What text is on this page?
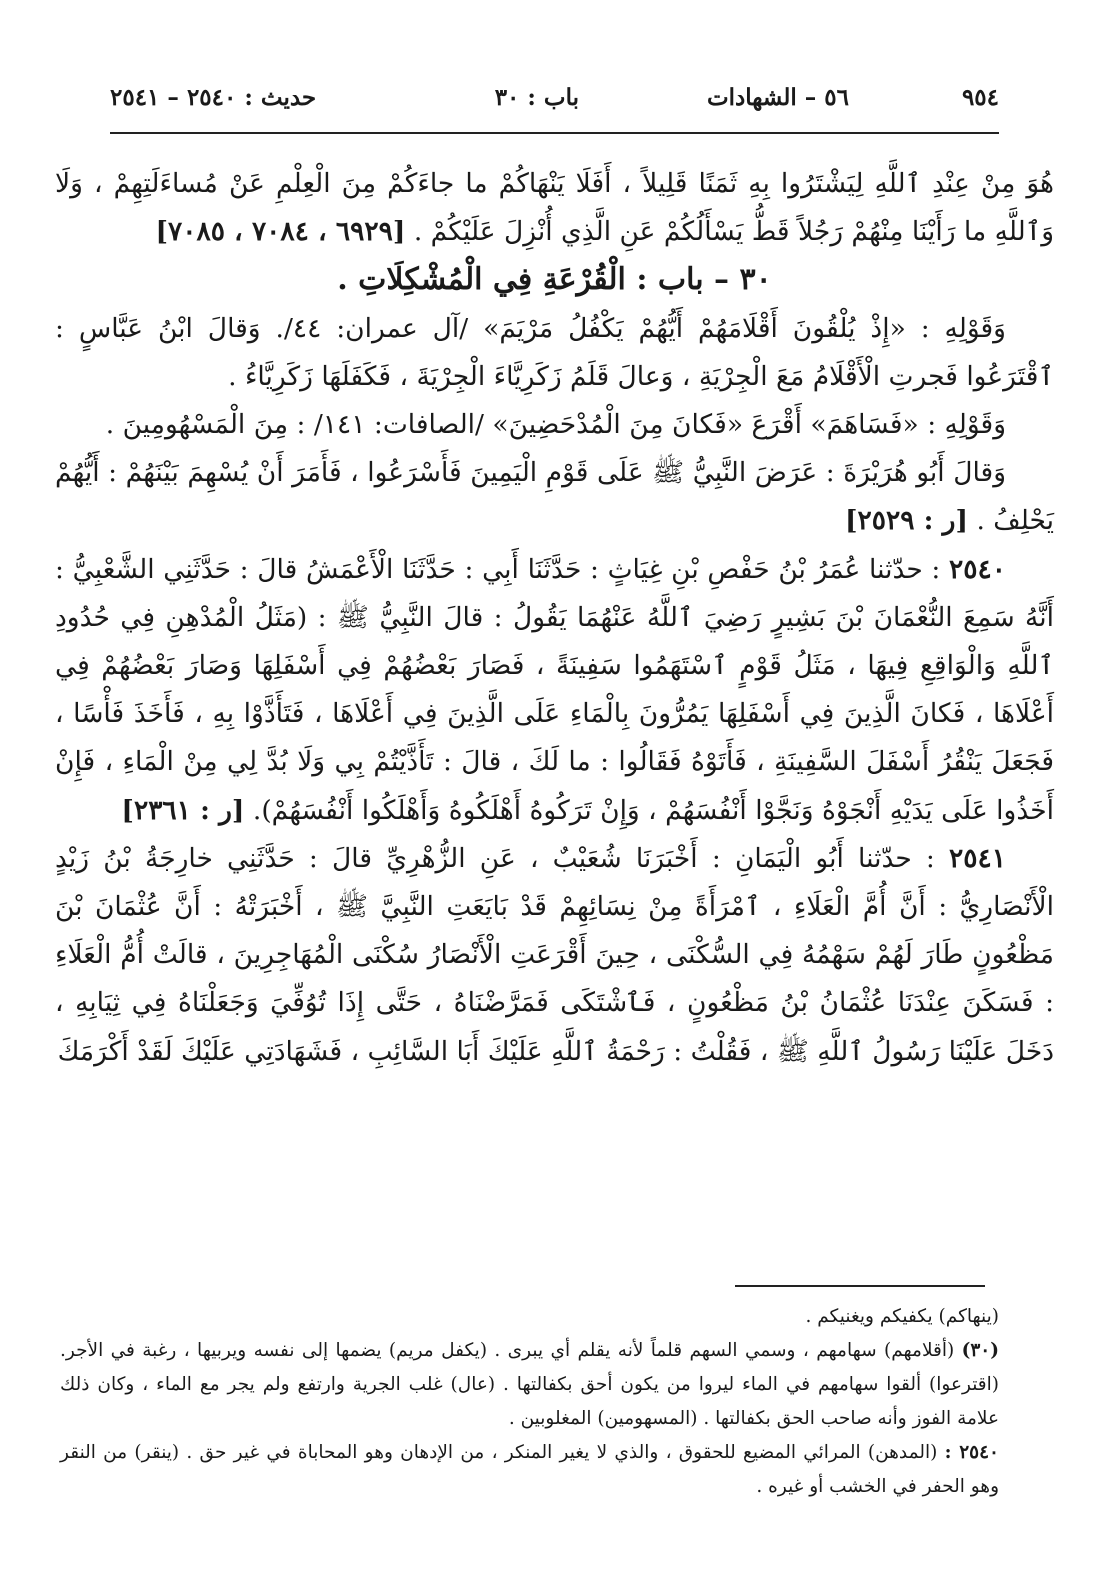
٩٥٤
٥٦ – الشهادات
باب : ٣٠
حديث : ٢٥٤٠ – ٢٥٤١

هُوَ مِنْ عِنْدِ ٱللَّهِ لِيَشْتَرُوا بِهِ ثَمَنًا قَلِيلاً ، أَفَلَا يَنْهَاكُمْ ما جاءَكُمْ مِنَ الْعِلْمِ عَنْ مُساءَلَتِهِمْ ، وَلَا وَٱللَّهِ ما رَأَيْنَا مِنْهُمْ رَجُلاً قَطُّ يَسْأَلُكُمْ عَنِ الَّذِي أُنْزِلَ عَلَيْكُمْ . [٦٩٢٩ ، ٧٠٨٤ ، ٧٠٨٥]

٣٠ – باب : الْقُرْعَةِ فِي الْمُشْكِلَاتِ .

وَقَوْلِهِ : «إِذْ يُلْقُونَ أَقْلَامَهُمْ أَيُّهُمْ يَكْفُلُ مَرْيَمَ» /آل عمران: ٤٤/. وَقالَ ابْنُ عَبَّاسٍ : ٱقْتَرَعُوا فَجرتِ الْأَقْلَامُ مَعَ الْجِرْيَةِ ، وَعالَ قَلَمُ زَكَرِيَّاءَ الْجِرْيَةَ ، فَكَفَلَهَا زَكَرِيَّاءُ .

وَقَوْلِهِ : «فَسَاهَمَ» أَقْرَعَ «فَكانَ مِنَ الْمُدْحَضِينَ» /الصافات: ١٤١/ : مِنَ الْمَسْهُومِينَ .

وَقالَ أَبُو هُرَيْرَةَ : عَرَضَ النَّبِيُّ ﷺ عَلَى قَوْمِ الْيَمِينَ فَأَسْرَعُوا ، فَأَمَرَ أَنْ يُسْهِمَ بَيْنَهُمْ : أَيُّهُمْ يَحْلِفُ . [ر : ٢٥٢٩]

٢٥٤٠ : حدّثنا عُمَرُ بْنُ حَفْصِ بْنِ غِيَاثٍ : حَدَّثَنَا أَبِي : حَدَّثَنَا الْأَعْمَشُ قالَ : حَدَّثَنِي الشَّعْبِيُّ : أَنَّهُ سَمِعَ النُّعْمَانَ بْنَ بَشِيرٍ رَضِيَ ٱللَّهُ عَنْهُمَا يَقُولُ : قالَ النَّبِيُّ ﷺ : (مَثَلُ الْمُدْهِنِ فِي حُدُودِ ٱللَّهِ وَالْوَاقِعِ فِيهَا ، مَثَلُ قَوْمٍ ٱسْتَهَمُوا سَفِينَةً ، فَصَارَ بَعْضُهُمْ فِي أَسْفَلِهَا وَصَارَ بَعْضُهُمْ فِي أَعْلَاهَا ، فَكانَ الَّذِينَ فِي أَسْفَلِهَا يَمُرُّونَ بِالْمَاءِ عَلَى الَّذِينَ فِي أَعْلَاهَا ، فَتَأَذَّوْا بِهِ ، فَأَخَذَ فَأْسًا ، فَجَعَلَ يَنْقُرُ أَسْفَلَ السَّفِينَةِ ، فَأَتَوْهُ فَقَالُوا : ما لَكَ ، قالَ : تَأَذَّيْتُمْ بِي وَلَا بُدَّ لِي مِنْ الْمَاءِ ، فَإِنْ أَخَذُوا عَلَى يَدَيْهِ أَنْجَوْهُ وَنَجَّوْا أَنْفُسَهُمْ ، وَإِنْ تَرَكُوهُ أَهْلَكُوهُ وَأَهْلَكُوا أَنْفُسَهُمْ). [ر : ٢٣٦١]

٢٥٤١ : حدّثنا أَبُو الْيَمَانِ : أَخْبَرَنَا شُعَيْبٌ ، عَنِ الزُّهْرِيِّ قالَ : حَدَّثَنِي خارِجَةُ بْنُ زَيْدٍ الْأَنْصَارِيُّ : أَنَّ أُمَّ الْعَلَاءِ ، ٱمْرَأَةً مِنْ نِسَائِهِمْ قَدْ بَايَعَتِ النَّبِيَّ ﷺ ، أَخْبَرَتْهُ : أَنَّ عُثْمَانَ بْنَ مَظْعُونٍ طَارَ لَهُمْ سَهْمُهُ فِي السُّكْنَى ، حِينَ أَقْرَعَتِ الْأَنْصَارُ سُكْنَى الْمُهَاجِرِينَ ، قالَتْ أُمُّ الْعَلَاءِ : فَسَكَنَ عِنْدَنَا عُثْمَانُ بْنُ مَظْعُونٍ ، فَٱشْتَكَى فَمَرَّضْنَاهُ ، حَتَّى إِذَا تُوُفِّيَ وَجَعَلْنَاهُ فِي ثِيَابِهِ ، دَخَلَ عَلَيْنَا رَسُولُ ٱللَّهِ ﷺ ، فَقُلْتُ : رَحْمَةُ ٱللَّهِ عَلَيْكَ أَبَا السَّائِبِ ، فَشَهَادَتِي عَلَيْكَ لَقَدْ أَكْرَمَكَ

(ينهاكم) يكفيكم ويغنيكم .

(٣٠) (أقلامهم) سهامهم ، وسمي السهم قلماً لأنه يقلم أي يبرى . (يكفل مريم) يضمها إلى نفسه ويربيها ، رغبة في الأجر. (اقترعوا) ألقوا سهامهم في الماء ليروا من يكون أحق بكفالتها . (عال) غلب الجرية وارتفع ولم يجر مع الماء ، وكان ذلك علامة الفوز وأنه صاحب الحق بكفالتها . (المسهومين) المغلوبين .

٢٥٤٠ : (المدهن) المرائي المضيع للحقوق ، والذي لا يغير المنكر ، من الإدهان وهو المحاباة في غير حق . (ينقر) من النقر وهو الحفر في الخشب أو غيره .
